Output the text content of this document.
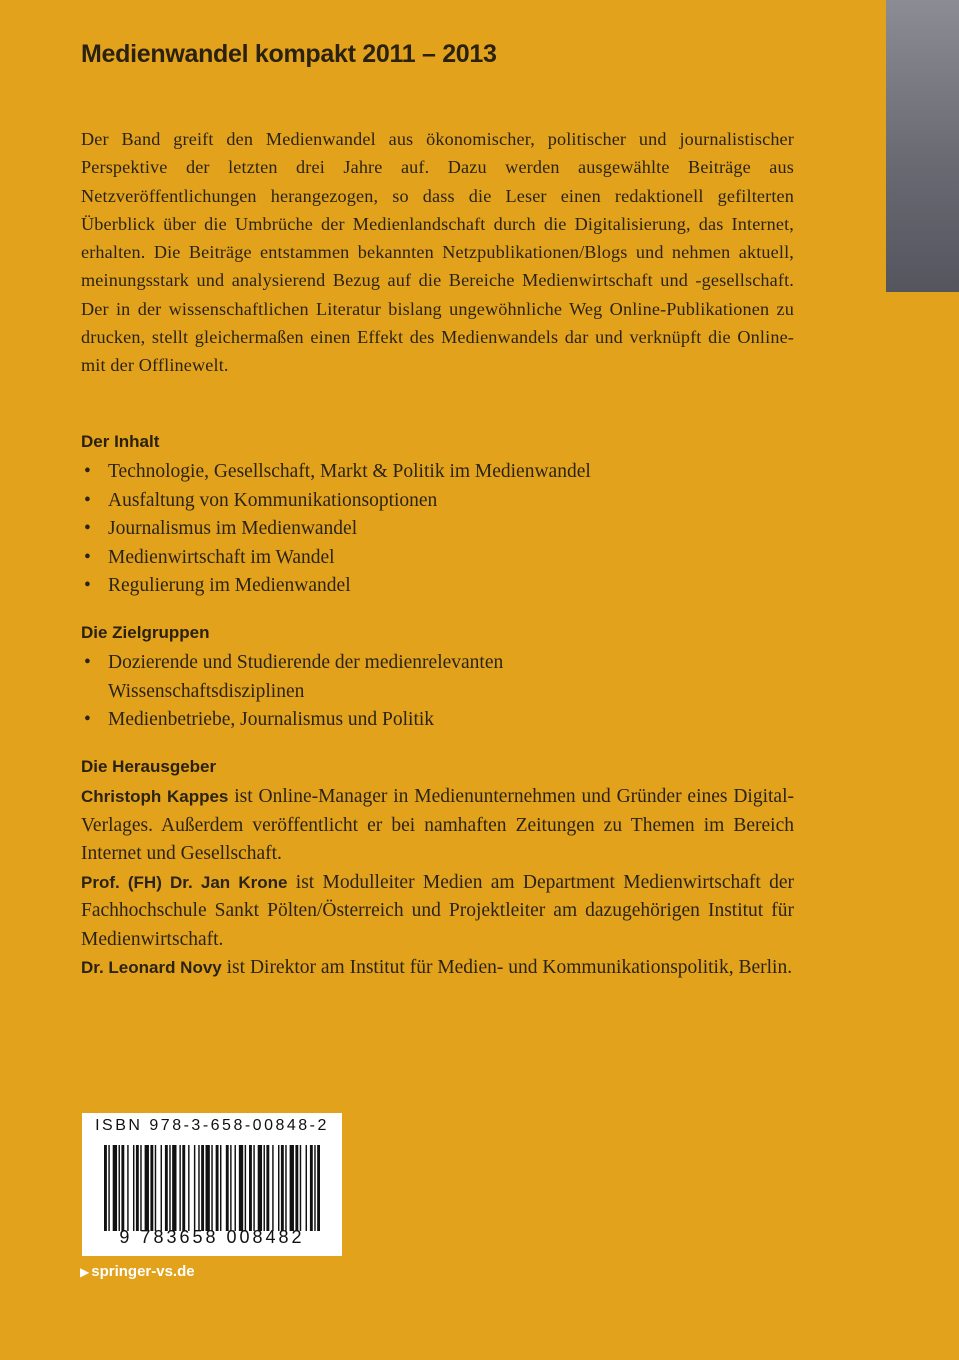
Medienwandel kompakt 2011 – 2013
Der Band greift den Medienwandel aus ökonomischer, politischer und journalistischer Perspektive der letzten drei Jahre auf. Dazu werden ausgewählte Beiträge aus Netzveröffentlichungen herangezogen, so dass die Leser einen redaktionell gefilterten Überblick über die Umbrüche der Medienlandschaft durch die Digitalisierung, das Internet, erhalten. Die Beiträge entstammen bekannten Netzpublikationen/Blogs und nehmen aktuell, meinungsstark und analysierend Bezug auf die Bereiche Medienwirtschaft und -gesellschaft. Der in der wissenschaftlichen Literatur bislang ungewöhnliche Weg Online-Publikationen zu drucken, stellt gleichermaßen einen Effekt des Medienwandels dar und verknüpft die Online- mit der Offlinewelt.
Der Inhalt
• Technologie, Gesellschaft, Markt & Politik im Medienwandel
• Ausfaltung von Kommunikationsoptionen
• Journalismus im Medienwandel
• Medienwirtschaft im Wandel
• Regulierung im Medienwandel
Die Zielgruppen
• Dozierende und Studierende der medienrelevanten Wissenschaftsdisziplinen
• Medienbetriebe, Journalismus und Politik
Die Herausgeber

Christoph Kappes ist Online-Manager in Medienunternehmen und Gründer eines Digital-Verlages. Außerdem veröffentlicht er bei namhaften Zeitungen zu Themen im Bereich Internet und Gesellschaft.

Prof. (FH) Dr. Jan Krone ist Modulleiter Medien am Department Medienwirtschaft der Fachhochschule Sankt Pölten/Österreich und Projektleiter am dazugehörigen Institut für Medienwirtschaft.

Dr. Leonard Novy ist Direktor am Institut für Medien- und Kommunikationspolitik, Berlin.

ISBN 978-3-658-00848-2
9 783658 008482
▶ springer-vs.de
